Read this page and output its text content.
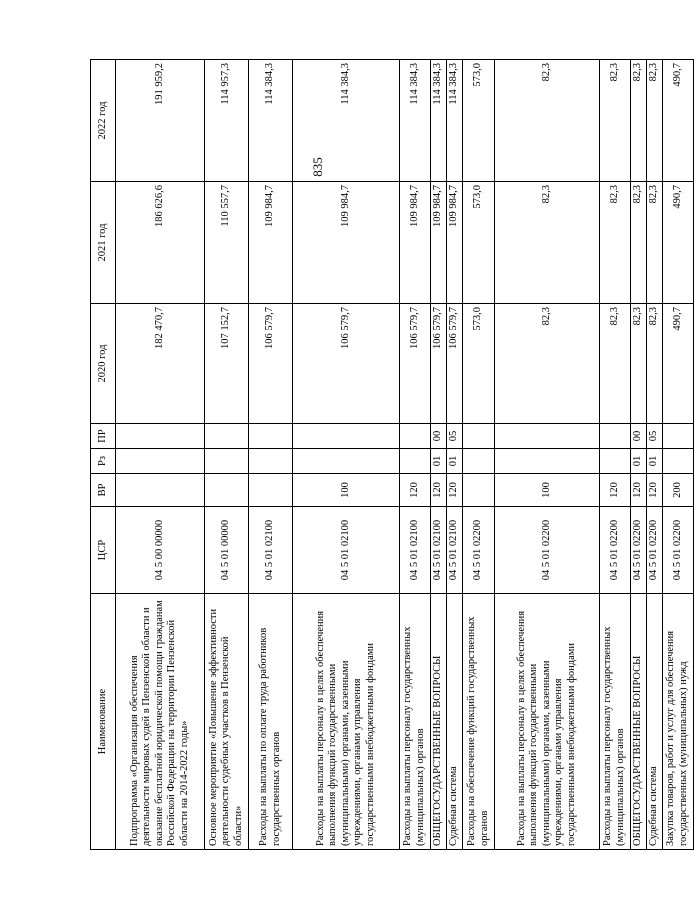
835
Наименование	ЦСР	ВР	Рз	ПР	2020 год	2021 год	2022 год
Подпрограмма «Организация обеспечения деятельности мировых судей в Пензенской области и оказание бесплатной юридической помощи гражданам Российской Федерации на территории Пензенской области на 2014-2022 годы»	04 5 00 00000				182 470,7	186 626,6	191 959,2
Основное мероприятие «Повышение эффективности деятельности судебных участков в Пензенской области»	04 5 01 00000				107 152,7	110 557,7	114 957,3
Расходы на выплаты по оплате труда работников государственных органов	04 5 01 02100				106 579,7	109 984,7	114 384,3
Расходы на выплаты персоналу в целях обеспечения выполнения функций государственными (муниципальными) органами, казенными учреждениями, органами управления государственными внебюджетными фондами	04 5 01 02100	100			106 579,7	109 984,7	114 384,3
Расходы на выплаты персоналу государственных (муниципальных) органов	04 5 01 02100	120			106 579,7	109 984,7	114 384,3
ОБЩЕГОСУДАРСТВЕННЫЕ ВОПРОСЫ	04 5 01 02100	120	01	00	106 579,7	109 984,7	114 384,3
Судебная система	04 5 01 02100	120	01	05	106 579,7	109 984,7	114 384,3
Расходы на обеспечение функций государственных органов	04 5 01 02200				573,0	573,0	573,0
Расходы на выплаты персоналу в целях обеспечения выполнения функций государственными (муниципальными) органами, казенными учреждениями, органами управления государственными внебюджетными фондами	04 5 01 02200	100			82,3	82,3	82,3
Расходы на выплаты персоналу государственных (муниципальных) органов	04 5 01 02200	120			82,3	82,3	82,3
ОБЩЕГОСУДАРСТВЕННЫЕ ВОПРОСЫ	04 5 01 02200	120	01	00	82,3	82,3	82,3
Судебная система	04 5 01 02200	120	01	05	82,3	82,3	82,3
Закупка товаров, работ и услуг для обеспечения государственных (муниципальных) нужд	04 5 01 02200	200			490,7	490,7	490,7
